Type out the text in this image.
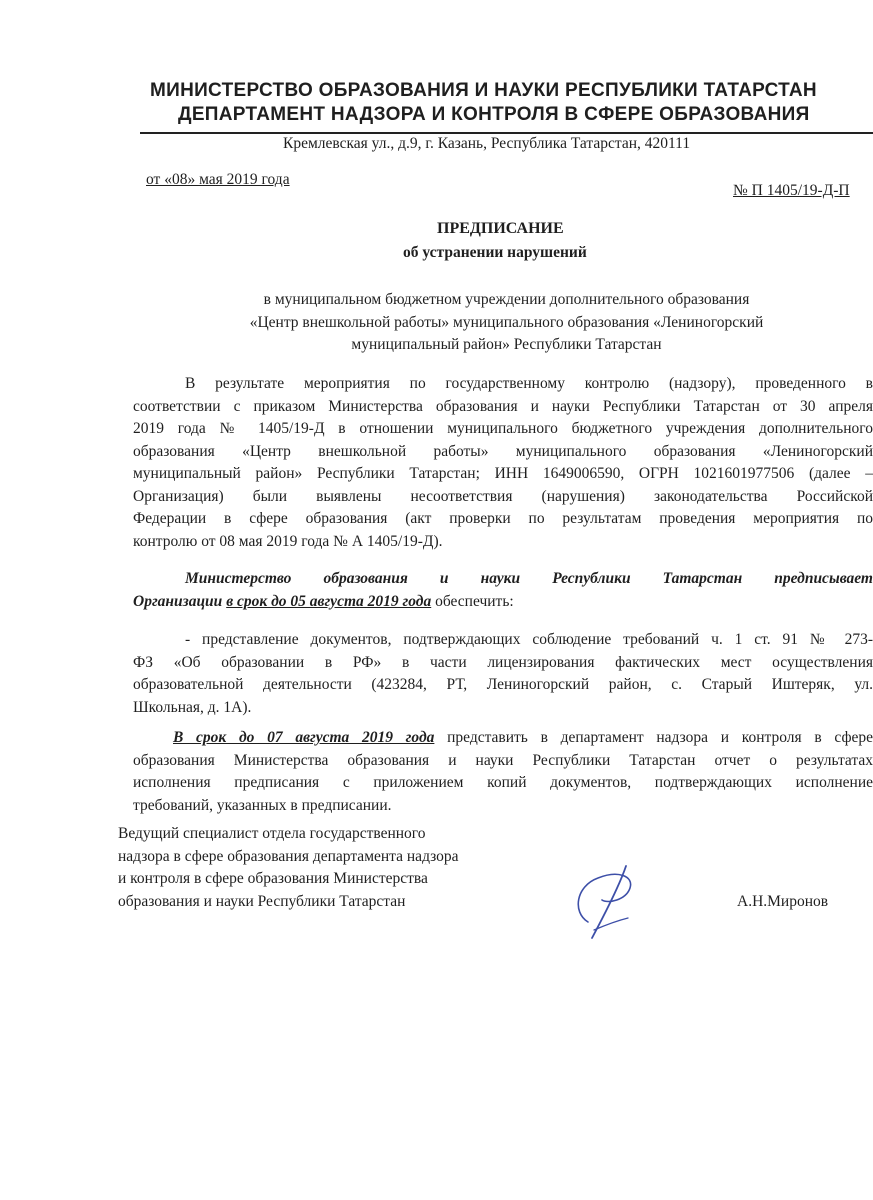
МИНИСТЕРСТВО ОБРАЗОВАНИЯ И НАУКИ РЕСПУБЛИКИ ТАТАРСТАН
ДЕПАРТАМЕНТ НАДЗОРА И КОНТРОЛЯ В СФЕРЕ ОБРАЗОВАНИЯ
Кремлевская ул., д.9, г. Казань, Республика Татарстан, 420111
от «08» мая 2019 года
№ П 1405/19-Д-П
ПРЕДПИСАНИЕ
об устранении нарушений
в муниципальном бюджетном учреждении дополнительного образования
«Центр внешкольной работы» муниципального образования «Лениногорский
муниципальный район» Республики Татарстан
В результате мероприятия по государственному контролю (надзору), проведенного в
соответствии с приказом Министерства образования и науки Республики Татарстан от 30 апреля
2019 года № 1405/19-Д в отношении муниципального бюджетного учреждения дополнительного
образования «Центр внешкольной работы» муниципального образования «Лениногорский
муниципальный район» Республики Татарстан; ИНН 1649006590, ОГРН 1021601977506 (далее –
Организация) были выявлены несоответствия (нарушения) законодательства Российской
Федерации в сфере образования (акт проверки по результатам проведения мероприятия по
контролю от 08 мая 2019 года № А 1405/19-Д).
Министерство образования и науки Республики Татарстан предписывает
Организации в срок до 05 августа 2019 года обеспечить:
- представление документов, подтверждающих соблюдение требований ч. 1 ст. 91 № 273-
ФЗ «Об образовании в РФ» в части лицензирования фактических мест осуществления
образовательной деятельности (423284, РТ, Лениногорский район, с. Старый Иштеряк, ул.
Школьная, д. 1А).
В срок до 07 августа 2019 года представить в департамент надзора и контроля в сфере
образования Министерства образования и науки Республики Татарстан отчет о результатах
исполнения предписания с приложением копий документов, подтверждающих исполнение
требований, указанных в предписании.
Ведущий специалист отдела государственного
надзора в сфере образования департамента надзора
и контроля в сфере образования Министерства
образования и науки Республики Татарстан	А.Н.Миронов
